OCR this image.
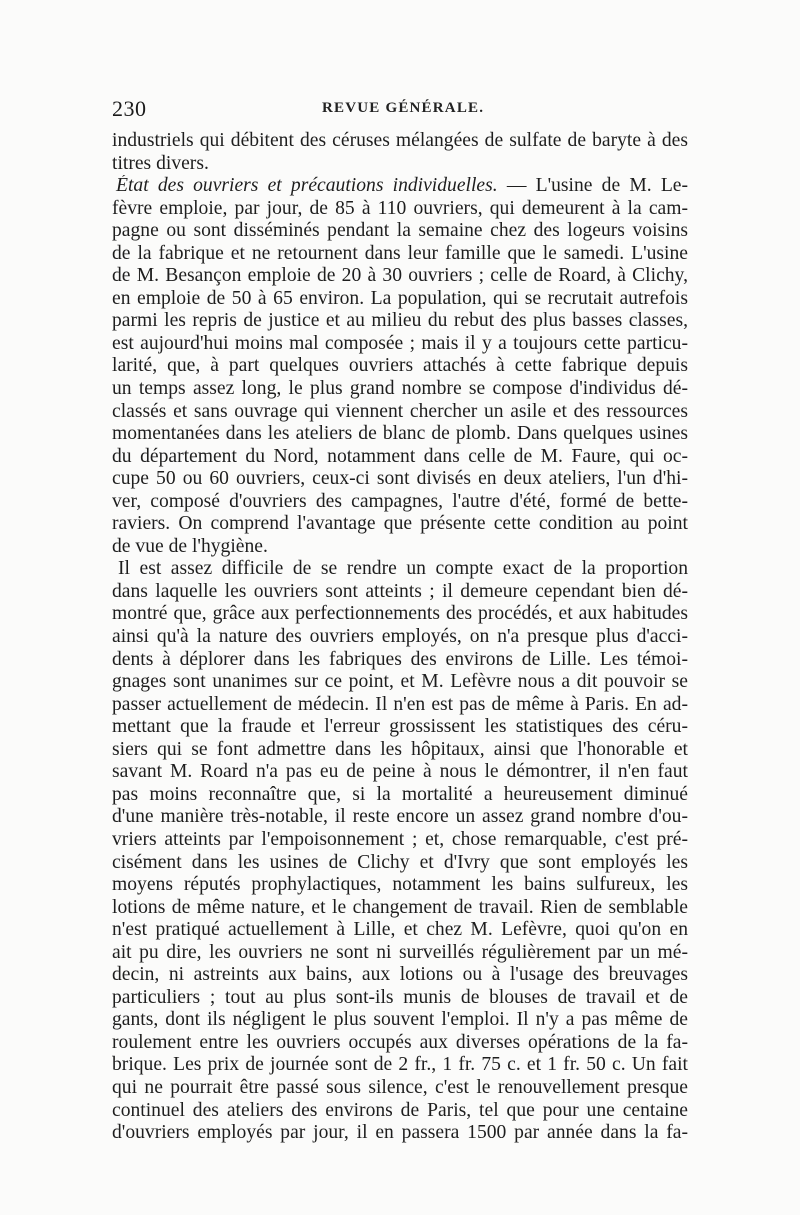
230	REVUE GÉNÉRALE.
industriels qui débitent des céruses mélangées de sulfate de baryte à des
titres divers.
État des ouvriers et précautions individuelles. — L'usine de M. Le-
fèvre emploie, par jour, de 85 à 110 ouvriers, qui demeurent à la cam-
pagne ou sont disséminés pendant la semaine chez des logeurs voisins
de la fabrique et ne retournent dans leur famille que le samedi. L'usine
de M. Besançon emploie de 20 à 30 ouvriers ; celle de Roard, à Clichy,
en emploie de 50 à 65 environ. La population, qui se recrutait autrefois
parmi les repris de justice et au milieu du rebut des plus basses classes,
est aujourd'hui moins mal composée ; mais il y a toujours cette particu-
larité, que, à part quelques ouvriers attachés à cette fabrique depuis
un temps assez long, le plus grand nombre se compose d'individus dé-
classés et sans ouvrage qui viennent chercher un asile et des ressources
momentanées dans les ateliers de blanc de plomb. Dans quelques usines
du département du Nord, notamment dans celle de M. Faure, qui oc-
cupe 50 ou 60 ouvriers, ceux-ci sont divisés en deux ateliers, l'un d'hi-
ver, composé d'ouvriers des campagnes, l'autre d'été, formé de bette-
raviers. On comprend l'avantage que présente cette condition au point
de vue de l'hygiène.
Il est assez difficile de se rendre un compte exact de la proportion
dans laquelle les ouvriers sont atteints ; il demeure cependant bien dé-
montré que, grâce aux perfectionnements des procédés, et aux habitudes
ainsi qu'à la nature des ouvriers employés, on n'a presque plus d'acci-
dents à déplorer dans les fabriques des environs de Lille. Les témoi-
gnages sont unanimes sur ce point, et M. Lefèvre nous a dit pouvoir se
passer actuellement de médecin. Il n'en est pas de même à Paris. En ad-
mettant que la fraude et l'erreur grossissent les statistiques des céru-
siers qui se font admettre dans les hôpitaux, ainsi que l'honorable et
savant M. Roard n'a pas eu de peine à nous le démontrer, il n'en faut
pas moins reconnaître que, si la mortalité a heureusement diminué
d'une manière très-notable, il reste encore un assez grand nombre d'ou-
vriers atteints par l'empoisonnement ; et, chose remarquable, c'est pré-
cisément dans les usines de Clichy et d'Ivry que sont employés les
moyens réputés prophylactiques, notamment les bains sulfureux, les
lotions de même nature, et le changement de travail. Rien de semblable
n'est pratiqué actuellement à Lille, et chez M. Lefèvre, quoi qu'on en
ait pu dire, les ouvriers ne sont ni surveillés régulièrement par un mé-
decin, ni astreints aux bains, aux lotions ou à l'usage des breuvages
particuliers ; tout au plus sont-ils munis de blouses de travail et de
gants, dont ils négligent le plus souvent l'emploi. Il n'y a pas même de
roulement entre les ouvriers occupés aux diverses opérations de la fa-
brique. Les prix de journée sont de 2 fr., 1 fr. 75 c. et 1 fr. 50 c. Un fait
qui ne pourrait être passé sous silence, c'est le renouvellement presque
continuel des ateliers des environs de Paris, tel que pour une centaine
d'ouvriers employés par jour, il en passera 1500 par année dans la fa-
